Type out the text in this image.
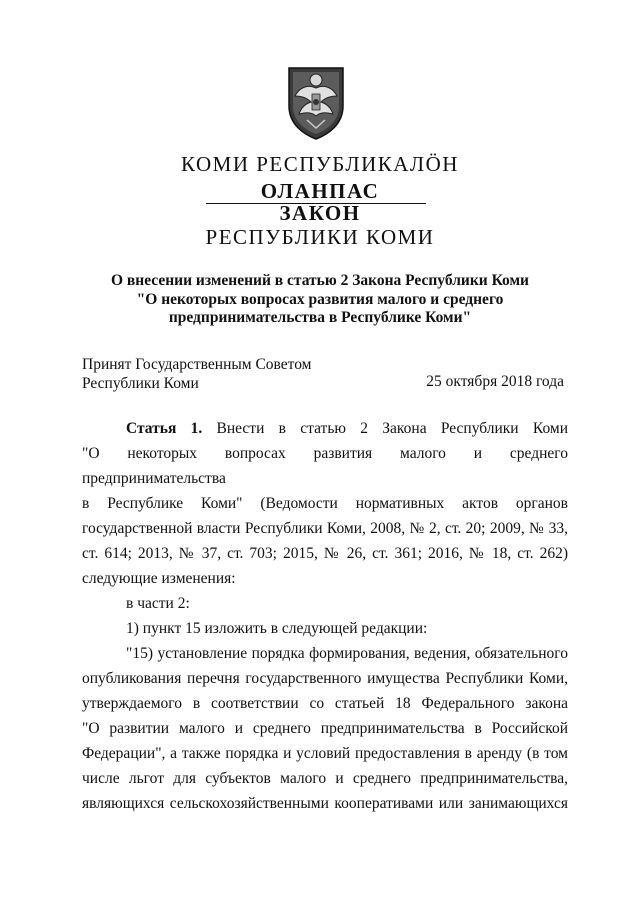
КОМИ РЕСПУБЛИКАЛӦН
ОЛАНПАС
ЗАКОН
РЕСПУБЛИКИ КОМИ
О внесении изменений в статью 2 Закона Республики Коми
"О некоторых вопросах развития малого и среднего
предпринимательства в Республике Коми"
Принят Государственным Советом
Республики Коми	25 октября 2018 года

Статья 1. Внести в статью 2 Закона Республики Коми

"О некоторых вопросах развития малого и среднего предпринимательства

в Республике Коми" (Ведомости нормативных актов органов

государственной власти Республики Коми, 2008, № 2, ст. 20; 2009, № 33,

ст. 614; 2013, № 37, ст. 703; 2015, № 26, ст. 361; 2016, № 18, ст. 262)

следующие изменения:

в части 2:

1) пункт 15 изложить в следующей редакции:

"15) установление порядка формирования, ведения, обязательного

опубликования перечня государственного имущества Республики Коми,

утверждаемого в соответствии со статьей 18 Федерального закона

"О развитии малого и среднего предпринимательства в Российской

Федерации", а также порядка и условий предоставления в аренду (в том

числе льгот для субъектов малого и среднего предпринимательства,

являющихся сельскохозяйственными кооперативами или занимающихся
